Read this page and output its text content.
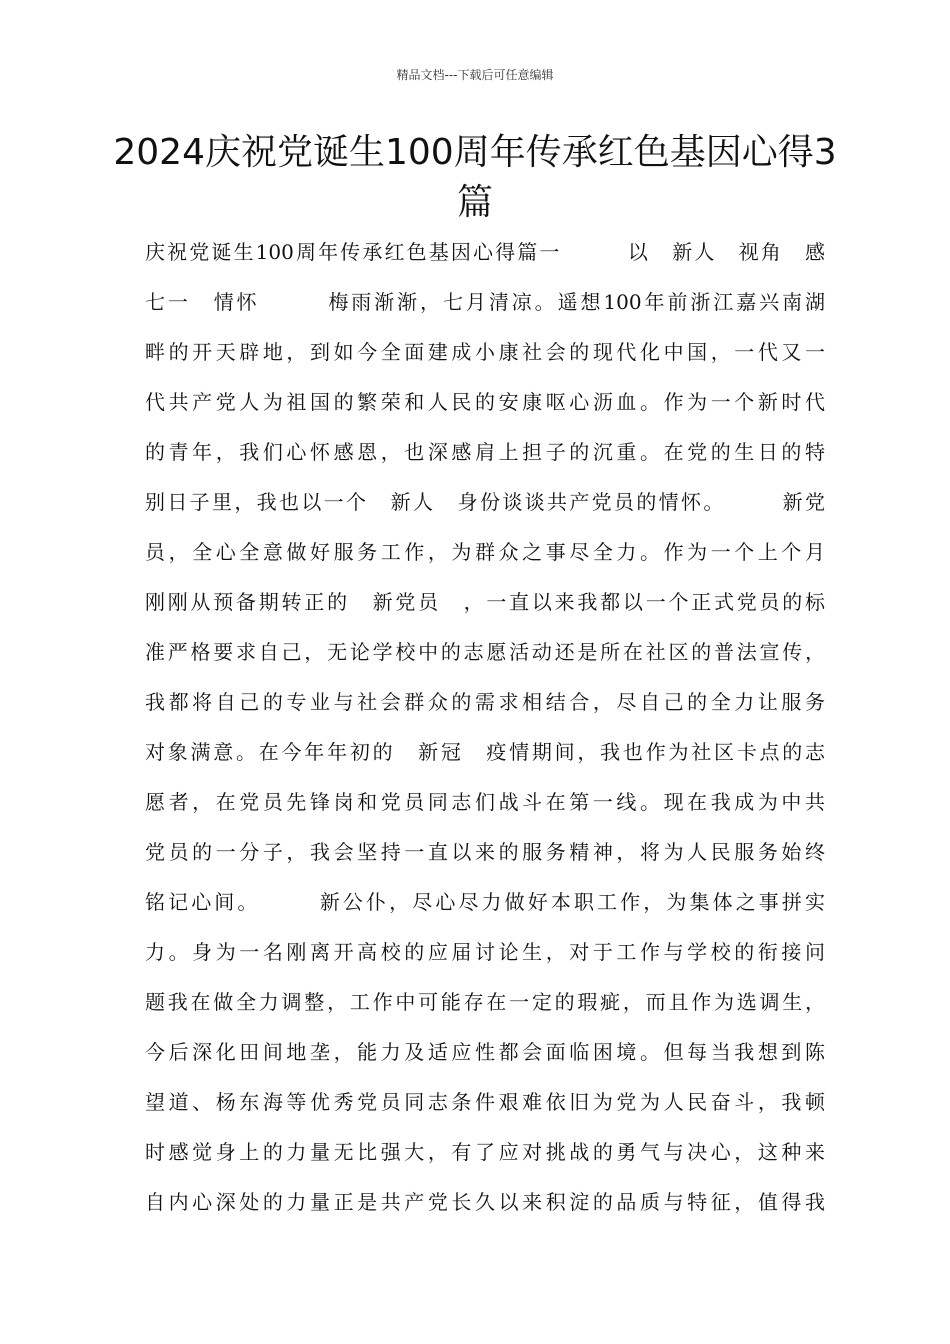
精品文档---下载后可任意编辑
2024庆祝党诞生100周年传承红色基因心得3篇
庆祝党诞生100周年传承红色基因心得篇一　　　以　新人　视角　感
七一　情怀　　　梅雨渐渐，七月清凉。遥想100年前浙江嘉兴南湖
畔的开天辟地，到如今全面建成小康社会的现代化中国，一代又一
代共产党人为祖国的繁荣和人民的安康呕心沥血。作为一个新时代
的青年，我们心怀感恩，也深感肩上担子的沉重。在党的生日的特
别日子里，我也以一个　新人　身份谈谈共产党员的情怀。　　　新党
员，全心全意做好服务工作，为群众之事尽全力。作为一个上个月
刚刚从预备期转正的　新党员　，一直以来我都以一个正式党员的标
准严格要求自己，无论学校中的志愿活动还是所在社区的普法宣传，
我都将自己的专业与社会群众的需求相结合，尽自己的全力让服务
对象满意。在今年年初的　新冠　疫情期间，我也作为社区卡点的志
愿者，在党员先锋岗和党员同志们战斗在第一线。现在我成为中共
党员的一分子，我会坚持一直以来的服务精神，将为人民服务始终
铭记心间。　　　新公仆，尽心尽力做好本职工作，为集体之事拼实
力。身为一名刚离开高校的应届讨论生，对于工作与学校的衔接问
题我在做全力调整，工作中可能存在一定的瑕疵，而且作为选调生，
今后深化田间地垄，能力及适应性都会面临困境。但每当我想到陈
望道、杨东海等优秀党员同志条件艰难依旧为党为人民奋斗，我顿
时感觉身上的力量无比强大，有了应对挑战的勇气与决心，这种来
自内心深处的力量正是共产党长久以来积淀的品质与特征，值得我
